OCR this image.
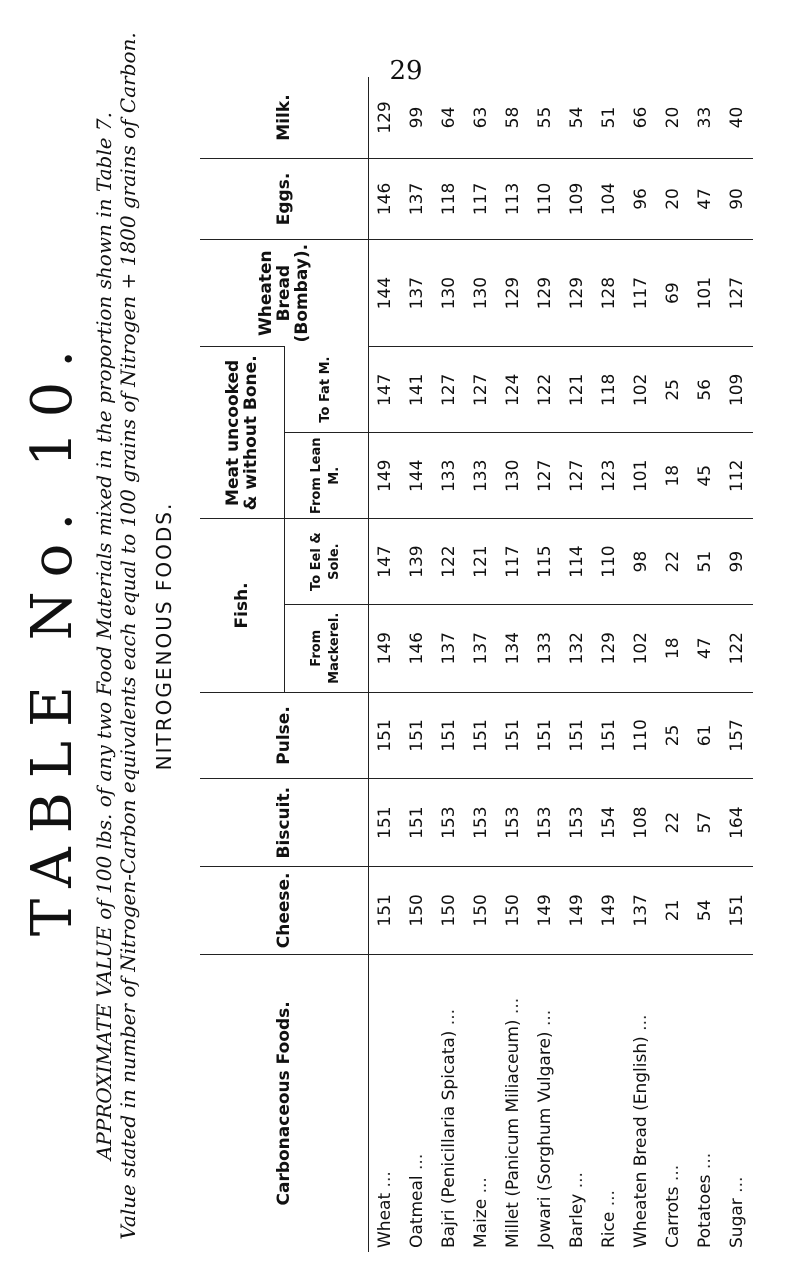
29
TABLE No. 10. APPROXIMATE VALUE of 100 lbs. of any two Food Materials mixed in the proportion shown in Table 7. Value stated in number of Nitrogen-Carbon equivalents each equal to 100 grains of Nitrogen + 1800 grains of Carbon. NITROGENOUS FOODS.
Carbonaceous Foods.	Cheese.	Biscuit.	Pulse.	Fish.		Meat uncooked & without Bone.		Wheaten Bread (Bombay).	Eggs.	Milk.
				From Mackerel.	To Eel & Sole.	From Lean M.	To Fat M.			
Wheat ...	151	151	151	149	147	149	147	144	146	129
Oatmeal ...	150	151	151	146	139	144	141	137	137	99
Bajri (Penicillaria Spicata) ...	150	153	151	137	122	133	127	130	118	64
Maize ...	150	153	151	137	121	133	127	130	117	63
Millet (Panicum Miliaceum) ...	150	153	151	134	117	130	124	129	113	58
Jowari (Sorghum Vulgare) ...	149	153	151	133	115	127	122	129	110	55
Barley ...	149	153	151	132	114	127	121	129	109	54
Rice ...	149	154	151	129	110	123	118	128	104	51
Wheaten Bread (English) ...	137	108	110	102	98	101	102	117	96	66
Carrots ...	21	22	25	18	22	18	25	69	20	20
Potatoes ...	54	57	61	47	51	45	56	101	47	33
Sugar ...	151	164	157	122	99	112	109	127	90	40
